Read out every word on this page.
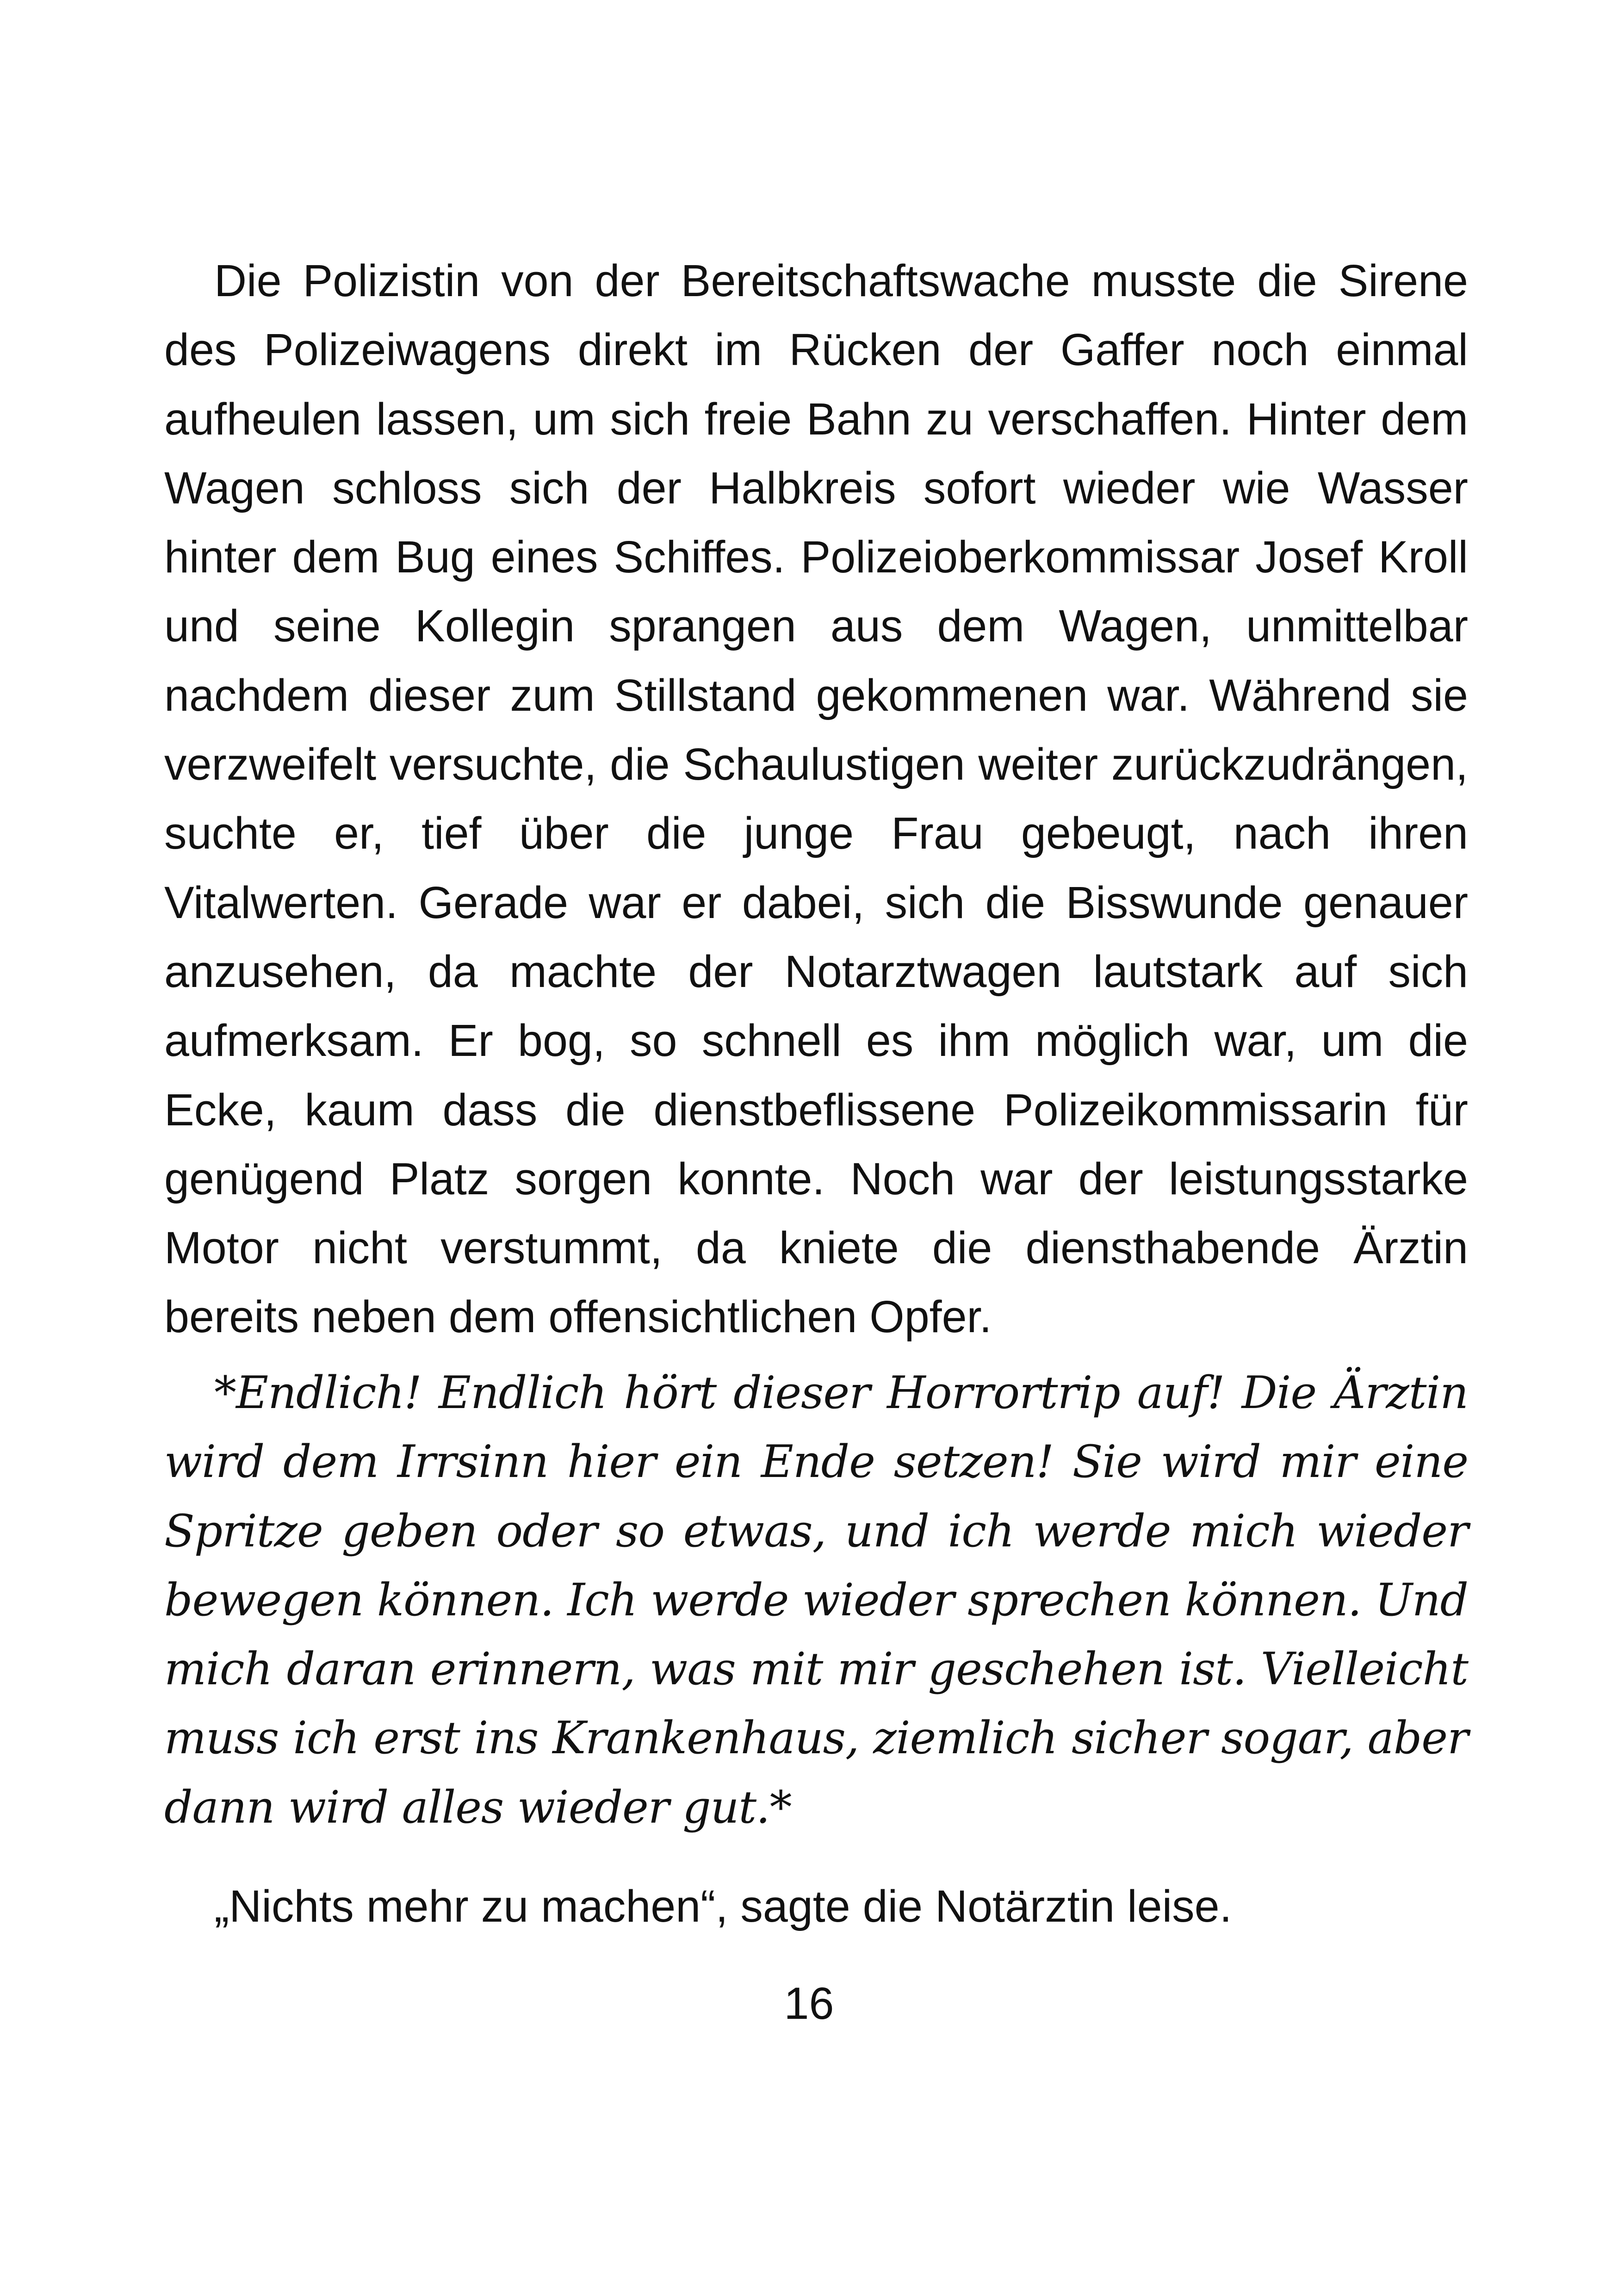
Die Polizistin von der Bereitschaftswache musste die Sirene des Polizeiwagens direkt im Rücken der Gaffer noch einmal aufheulen lassen, um sich freie Bahn zu verschaffen. Hinter dem Wagen schloss sich der Halbkreis sofort wieder wie Wasser hinter dem Bug eines Schiffes. Polizeioberkommissar Josef Kroll und seine Kollegin sprangen aus dem Wagen, unmittelbar nachdem dieser zum Stillstand gekommenen war. Während sie verzweifelt versuchte, die Schaulustigen weiter zurückzudrängen, suchte er, tief über die junge Frau gebeugt, nach ihren Vitalwerten. Gerade war er dabei, sich die Bisswunde genauer anzusehen, da machte der Notarztwagen lautstark auf sich aufmerksam. Er bog, so schnell es ihm möglich war, um die Ecke, kaum dass die dienstbeflissene Polizeikommissarin für genügend Platz sorgen konnte. Noch war der leistungsstarke Motor nicht verstummt, da kniete die diensthabende Ärztin bereits neben dem offensichtlichen Opfer.

*Endlich! Endlich hört dieser Horrortrip auf! Die Ärztin wird dem Irrsinn hier ein Ende setzen! Sie wird mir eine Spritze geben oder so etwas, und ich werde mich wieder bewegen können. Ich werde wieder sprechen können. Und mich daran erinnern, was mit mir geschehen ist. Vielleicht muss ich erst ins Krankenhaus, ziemlich sicher sogar, aber dann wird alles wieder gut.*

„Nichts mehr zu machen“, sagte die Notärztin leise.

16
